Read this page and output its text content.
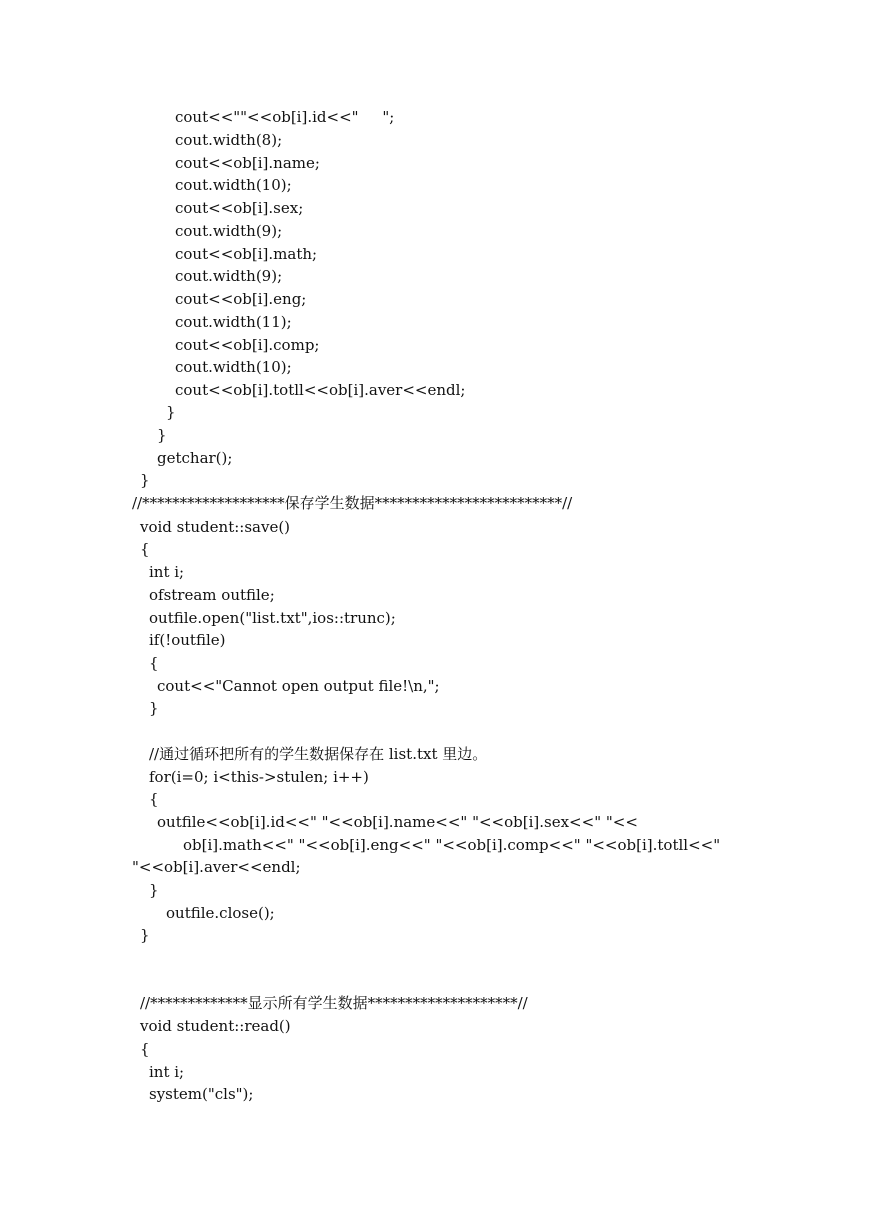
cout<<""<<ob[i].id<<"     ";
cout.width(8);
cout<<ob[i].name;
cout.width(10);
cout<<ob[i].sex;
cout.width(9);
cout<<ob[i].math;
cout.width(9);
cout<<ob[i].eng;
cout.width(11);
cout<<ob[i].comp;
cout.width(10);
cout<<ob[i].totll<<ob[i].aver<<endl;
}
}
getchar();
}
//*******************保存学生数据*************************//
void student::save()
{
int i;
ofstream outfile;
outfile.open("list.txt",ios::trunc);
if(!outfile)
{
cout<<"Cannot open output file!\n,";
}
//通过循环把所有的学生数据保存在 list.txt 里边。
for(i=0; i<this->stulen; i++)
{
outfile<<ob[i].id<<" "<<ob[i].name<<" "<<ob[i].sex<<" "<<
ob[i].math<<" "<<ob[i].eng<<" "<<ob[i].comp<<" "<<ob[i].totll<<"
"<<ob[i].aver<<endl;
}
outfile.close();
}
//*************显示所有学生数据********************//
void student::read()
{
int i;
system("cls");
